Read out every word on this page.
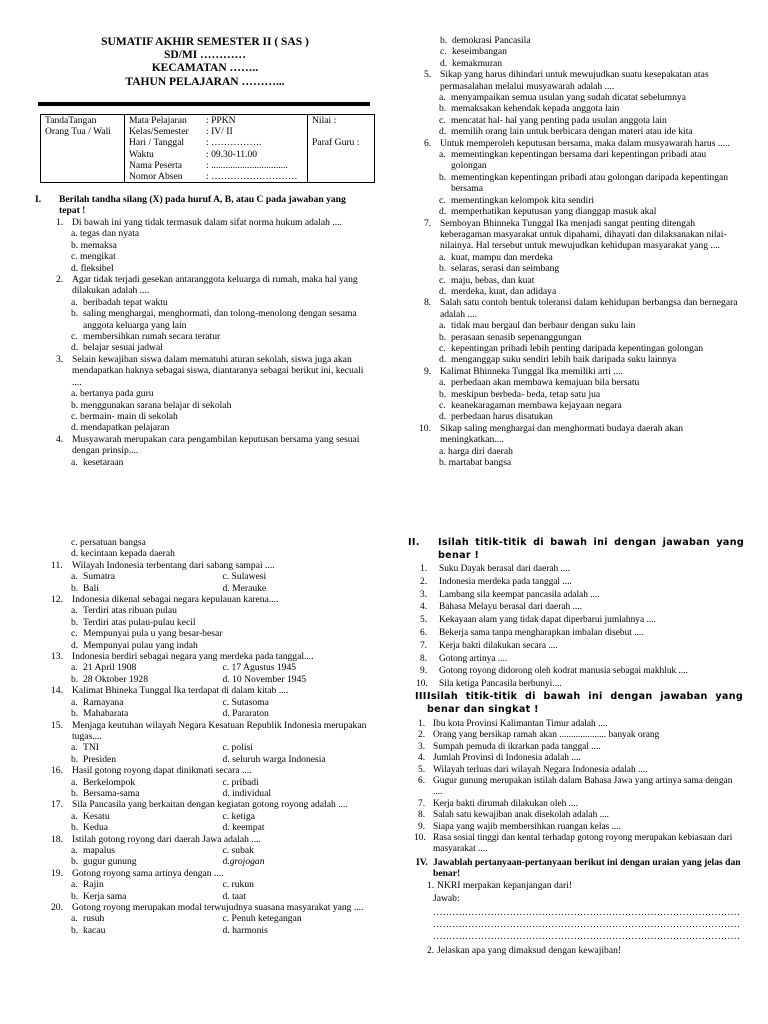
SUMATIF AKHIR SEMESTER II ( SAS )
SD/MI …………
KECAMATAN ……..
TAHUN PELAJARAN ………...
TandaTangan
Orang Tua / Wali

Mata Pelajaran	: PPKN
Kelas/Semester	: IV/ II
Hari / Tanggal	: …………….
Waktu	: 09.30-11.00
Nama Peserta	: ................................
Nomor Absen	: ………………………

Nilai :
Paraf Guru :
I.	Berilah tandha silang (X) pada huruf A, B, atau C pada jawaban yang tepat !
1. Di bawah ini yang tidak termasuk dalam sifat norma hukum adalah ....
a. tegas dan nyata
b. memaksa
c. mengikat
d. fleksibel
2. Agar tidak terjadi gesekan antaranggota keluarga di rumah, maka hal yang dilakukan adalah ....
a. beribadah tepat waktu
b. saling menghargai, menghormati, dan tolong-menolong dengan sesama anggota keluarga yang lain
c. membersihkan rumah secara teratur
d. belajar sesuai jadwal
3. Selain kewajiban siswa dalam mematuhi aturan sekolah, siswa juga akan mendapatkan haknya sebagai siswa, diantaranya sebagai berikut ini, kecuali ....
a. bertanya pada guru
b. menggunakan sarana belajar di sekolah
c. bermain- main di sekolah
d. mendapatkan pelajaran
4. Musyawarah merupakan cara pengambilan keputusan bersama yang sesuai dengan prinsip....
a. kesetaraan
b. demokrasi Pancasila
c. keseimbangan
d. kemakmuran
5. Sikap yang harus dihindari untuk mewujudkan suatu kesepakatan atas permasalahan melalui musyawarah adalah ....
a. menyampaikan semua usulan yang sudah dicatat sebelumnya
b. memaksakan kehendak kepada anggota lain
c. mencatat hal- hal yang penting pada usulan anggota lain
d. memilih orang lain untuk berbicara dengan materi atau ide kita
6. Untuk memperoleh keputusan bersama, maka dalam musyawarah harus .....
a. mementingkan kepentingan bersama dari kepentingan pribadi atau golongan
b. mementingkan kepentingan pribadi atau golongan daripada kepentingan bersama
c. mementingkan kelompok kita sendiri
d. memperhatikan keputusan yang dianggap masuk akal
7. Semboyan Bhinneka Tunggal Ika menjadi sangat penting ditengah keberagaman masyarakat untuk dipahami, dihayati dan dilaksanakan nilai-nilainya. Hal tersebut untuk mewujudkan kehidupan masyarakat yang ....
a. kuat, mampu dan merdeka
b. selaras, serasi dan seimbang
c. maju, bebas, dan kuat
d. merdeka, kuat, dan adidaya
8. Salah satu contoh bentuk toleransi dalam kehidupan berbangsa dan bernegara adalah ....
a. tidak mau bergaul dan berbaur dengan suku lain
b. perasaan senasib sepenanggungan
c. kepentingan pribadi lebih penting daripada kepentingan golongan
d. menganggap suku sendiri lebih baik daripada suku lainnya
9. Kalimat Bhinneka Tunggal Ika memiliki arti ....
a. perbedaan akan membawa kemajuan bila bersatu
b. meskipun berbeda- beda, tetap satu jua
c. keanekaragaman membawa kejayaan negara
d. perbedaan harus disatukan
10. Sikap saling menghargai dan menghormati budaya daerah akan meningkatkan....
a. harga diri daerah
b. martabat bangsa
c. persatuan bangsa
d. kecintaan kepada daerah
11. Wilayah Indonesia terbentang dari sabang sampai ....
a. Sumatra	c. Sulawesi
b. Bali	d. Merauke
12. Indonesia dikenal sebagai negara kepulauan karena....
a. Terdiri atas ribuan pulau
b. Terdiri atas pulau-pulau kecil
c. Mempunyai pula u yang besar-besar
d. Mempunyai pulau yang indah
13. Indonesia berdiri sebagai negara yang merdeka pada tanggal....
a. 21 April 1908	c. 17 Agustus 1945
b. 28 Oktober 1928	d. 10 November 1945
14. Kalimat Bhineka Tunggal Ika terdapat di dalam kitab ....
a. Ramayana	c. Sutasoma
b. Mahabarata	d. Pararaton
15. Menjaga keutuhan wilayah Negara Kesatuan Republik Indonesia merupakan tugas....
a. TNI	c. polisi
b. Presiden	d. seluruh warga Indonesia
16. Hasil gotong royong dapat dinikmati secara ....
a. Berkelompok	c. pribadi
b. Bersama-sama	d. individual
17. Sila Pancasila yang berkaitan dengan kegiatan gotong royong adalah ....
a. Kesatu	c. ketiga
b. Kedua	d. keempat
18. Istilah gotong royong dari daerah Jawa adalah ....
a. mapalus	c. subak
b. gugur gunung	d. grojogan
19. Gotong royong sama artinya dengan ....
a. Rajin	c. rukun
b. Kerja sama	d. taat
20. Gotong royong merupakan modal terwujudnya suasana masyarakat yang ....
a. rusuh	c. Penuh ketegangan
b. kacau	d. harmonis
II.	Isilah titik-titik di bawah ini dengan jawaban yang benar !
1.	Suku Dayak berasal dari daerah ....
2.	Indonesia merdeka pada tanggal ....
3.	Lambang sila keempat pancasila adalah ....
4.	Bahasa Melayu berasal dari daerah ....
5.	Kekayaan alam yang tidak dapat diperbarui jumlahnya ....
6.	Bekerja sama tanpa mengharapkan imbalan disebut ....
7.	Kerja bakti dilakukan secara ....
8.	Gotong artinya ....
9.	Gotong royong didorong oleh kodrat manusia sebagai makhluk ....
10.	Sila ketiga Pancasila berbunyi....
Isilah titik-titik di bawah ini dengan jawaban yang benar dan singkat !
III.
1. Ibu kota Provinsi Kalimantan Timur adalah ....
2. Orang yang bersikap ramah akan .................... banyak orang
3. Sumpah pemuda di ikrarkan pada tanggal ....
4. Jumlah Provinsi di Indonesia adalah ....
5. Wilayah terluas dari wilayah Negara Indonesia adalah ....
6. Gugur gunung merupakan istilah dalam Bahasa Jawa yang artinya sama dengan ....
7. Kerja bakti dirumah dilakukan oleh ....
8. Salah satu kewajiban anak disekolah adalah ....
9. Siapa yang wajib membersihkan ruangan kelas ....
10. Rasa sosial tinggi dan kental terhadap gotong royong merupakan kebiasaan dari masyarakat ....
IV. Jawablah pertanyaan-pertanyaan berikut ini dengan uraian yang jelas dan benar!
1. NKRI merpakan kepanjangan dari!
Jawab:
……………………………………………………………………………………
……………………………………………………………………………………
……………………………………………………………………………………
2. Jelaskan apa yang dimaksud dengan kewajiban!
